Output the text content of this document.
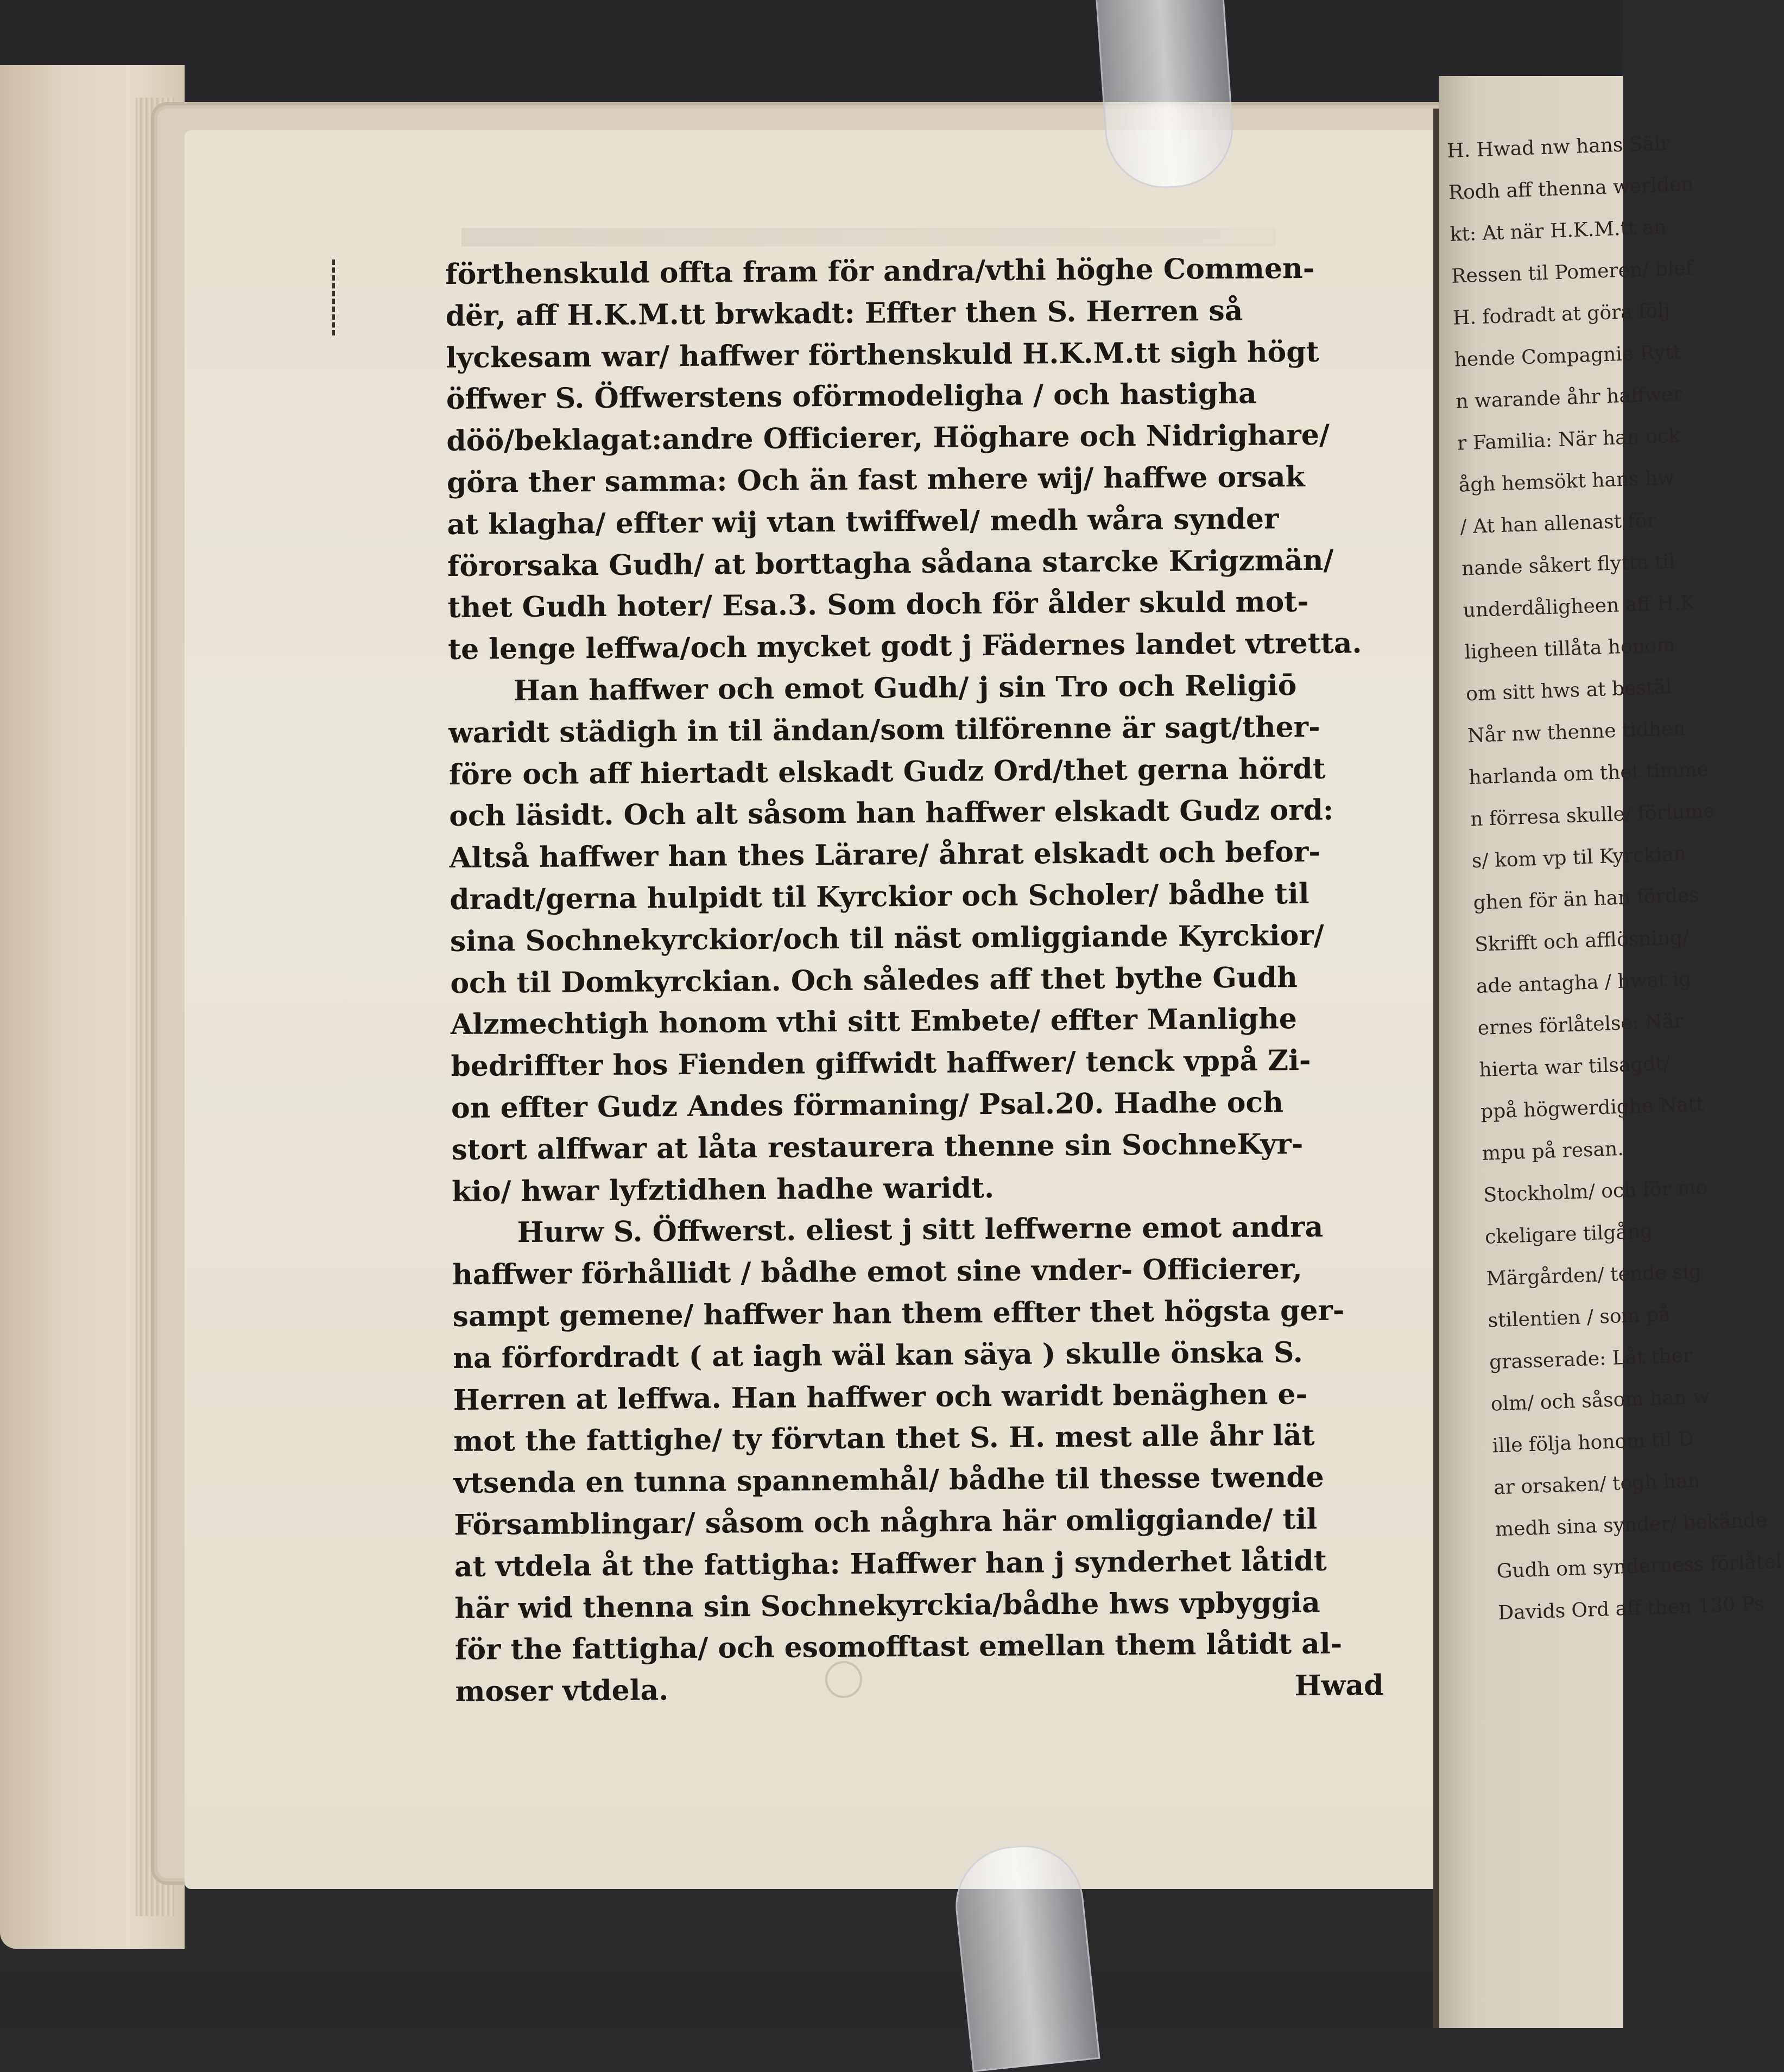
förthenskuld offta fram för andra/vthi höghe Commen-
dër, aff H.K.M.tt brwkadt: Effter then S. Herren så
lyckesam war/ haffwer förthenskuld H.K.M.tt sigh högt
öffwer S. Öffwerstens oförmodeligha / och hastigha
döö/beklagat:andre Officierer, Höghare och Nidrighare/
göra ther samma: Och än fast mhere wij/ haffwe orsak
at klagha/ effter wij vtan twiffwel/ medh wåra synder
förorsaka Gudh/ at borttagha sådana starcke Krigzmän/
thet Gudh hoter/ Esa.3. Som doch för ålder skuld mot-
te lenge leffwa/och mycket godt j Fädernes landet vtretta.
Han haffwer och emot Gudh/ j sin Tro och Religiō
waridt städigh in til ändan/som tilförenne är sagt/ther-
före och aff hiertadt elskadt Gudz Ord/thet gerna hördt
och läsidt. Och alt såsom han haffwer elskadt Gudz ord:
Altså haffwer han thes Lärare/ åhrat elskadt och befor-
dradt/gerna hulpidt til Kyrckior och Scholer/ bådhe til
sina Sochnekyrckior/och til näst omliggiande Kyrckior/
och til Domkyrckian. Och således aff thet bythe Gudh
Alzmechtigh honom vthi sitt Embete/ effter Manlighe
bedriffter hos Fienden giffwidt haffwer/ tenck vppå Zi-
on effter Gudz Andes förmaning/ Psal.20. Hadhe och
stort alffwar at låta restaurera thenne sin SochneKyr-
kio/ hwar lyfztidhen hadhe waridt.
Hurw S. Öffwerst. eliest j sitt leffwerne emot andra
haffwer förhållidt / bådhe emot sine vnder- Officierer,
sampt gemene/ haffwer han them effter thet högsta ger-
na förfordradt ( at iagh wäl kan säya ) skulle önska S.
Herren at leffwa. Han haffwer och waridt benäghen e-
mot the fattighe/ ty förvtan thet S. H. mest alle åhr lät
vtsenda en tunna spannemhål/ bådhe til thesse twende
Församblingar/ såsom och någhra här omliggiande/ til
at vtdela åt the fattigha: Haffwer han j synderhet låtidt
här wid thenna sin Sochnekyrckia/bådhe hws vpbyggia
för the fattigha/ och esomofftast emellan them låtidt al-
moser vtdela.	Hwad
H. Hwad nw hans Sälr
Rodh aff thenna werlden
kt: At när H.K.M.tt an
Ressen til Pomeren/ blef
H. fodradt at göra följ
hende Compagnie Rytt
n warande åhr haffwer
r Familia: När han ock
ågh hemsökt hans hw
/ At han allenast för
nande såkert flytta til
underdåligheen aff H.K
ligheen tillåta honom
om sitt hws at bestäl
Når nw thenne tidhen
harlanda om thet timme
n förresa skulle/ förlume
s/ kom vp til Kyrckian
ghen för än han fördes
Skrifft och afflösning/
ade antagha / hwat ig
ernes förlåtelse: När
hierta war tilsagdt/
ppå högwerdighe Natt
mpu på resan.
Stockholm/ och för mo
ckeligare tilgång
Märgården/ tende sig
stilentien / som på
grasserade: Låt ther
olm/ och såsom han w
ille följa honom til D
ar orsaken/ togh han
medh sina synder/ bekände
Gudh om synderness förlåtel
Davids Ord aff then 130 Ps
